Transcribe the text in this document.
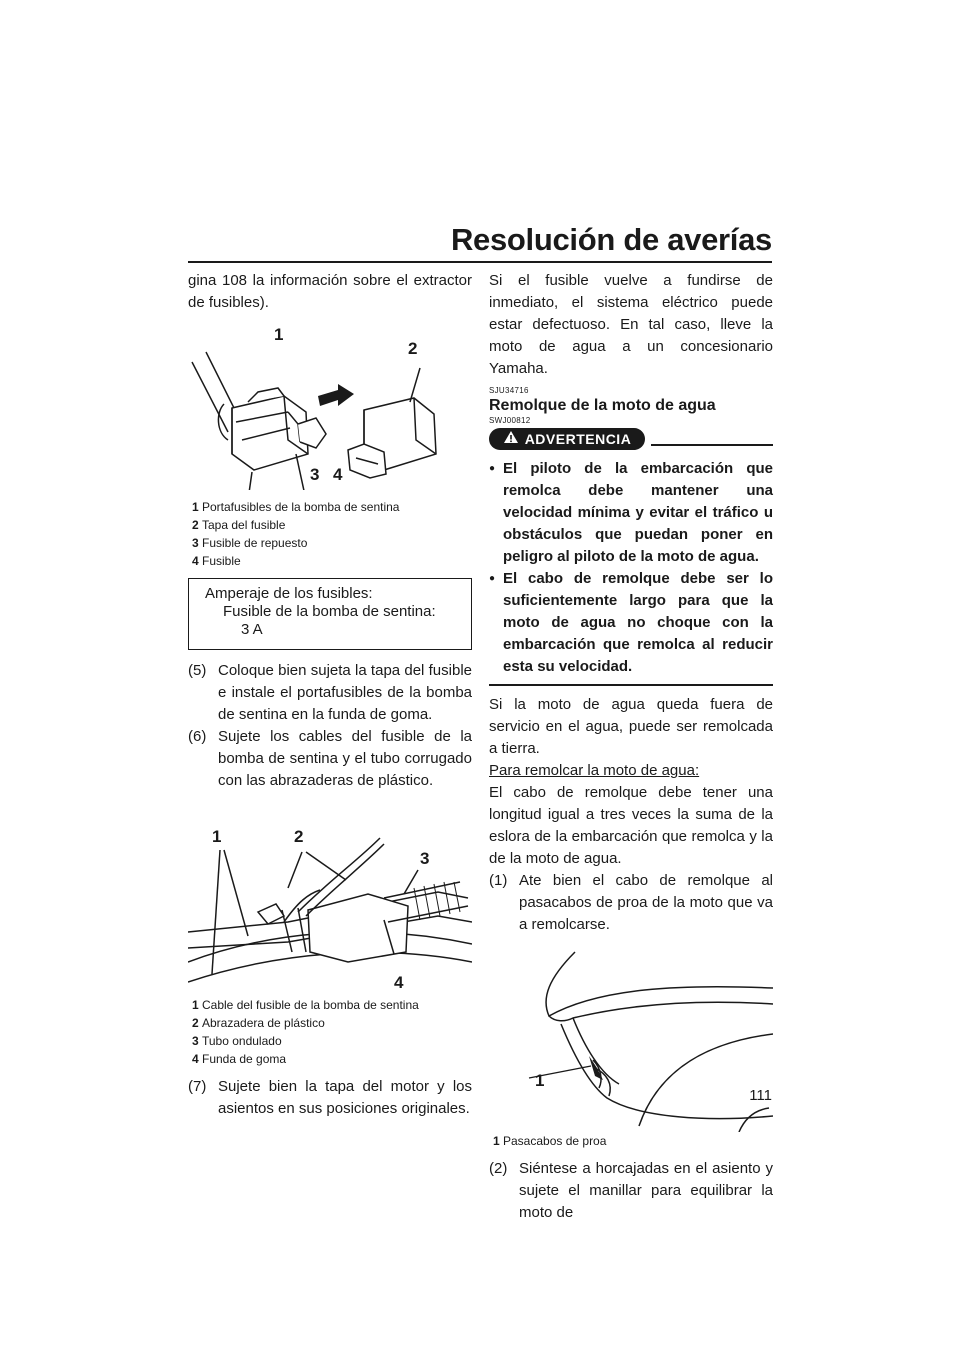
Resolución de averías

gina 108 la información sobre el extractor de fusibles).

1
2
3 4
1 Portafusibles de la bomba de sentina
2 Tapa del fusible
3 Fusible de repuesto
4 Fusible
Amperaje de los fusibles:
Fusible de la bomba de sentina:
3 A
(5) Coloque bien sujeta la tapa del fusible e instale el portafusibles de la bomba de sentina en la funda de goma.
(6) Sujete los cables del fusible de la bomba de sentina y el tubo corrugado con las abrazaderas de plástico.
1	2
3
4
1 Cable del fusible de la bomba de sentina
2 Abrazadera de plástico
3 Tubo ondulado
4 Funda de goma
(7) Sujete bien la tapa del motor y los asientos en sus posiciones originales.

Si el fusible vuelve a fundirse de inmediato, el sistema eléctrico puede estar defectuoso. En tal caso, lleve la moto de agua a un concesionario Yamaha.

SJU34716
Remolque de la moto de agua
SWJ00812
ADVERTENCIA
● El piloto de la embarcación que remolca debe mantener una velocidad mínima y evitar el tráfico u obstáculos que puedan poner en peligro al piloto de la moto de agua.
● El cabo de remolque debe ser lo suficientemente largo para que la moto de agua no choque con la embarcación que remolca al reducir esta su velocidad.

Si la moto de agua queda fuera de servicio en el agua, puede ser remolcada a tierra.

Para remolcar la moto de agua:

El cabo de remolque debe tener una longitud igual a tres veces la suma de la eslora de la embarcación que remolca y la de la moto de agua.

(1) Ate bien el cabo de remolque al pasacabos de proa de la moto que va a remolcarse.
1
1 Pasacabos de proa
(2) Siéntese a horcajadas en el asiento y sujete el manillar para equilibrar la moto de
111
